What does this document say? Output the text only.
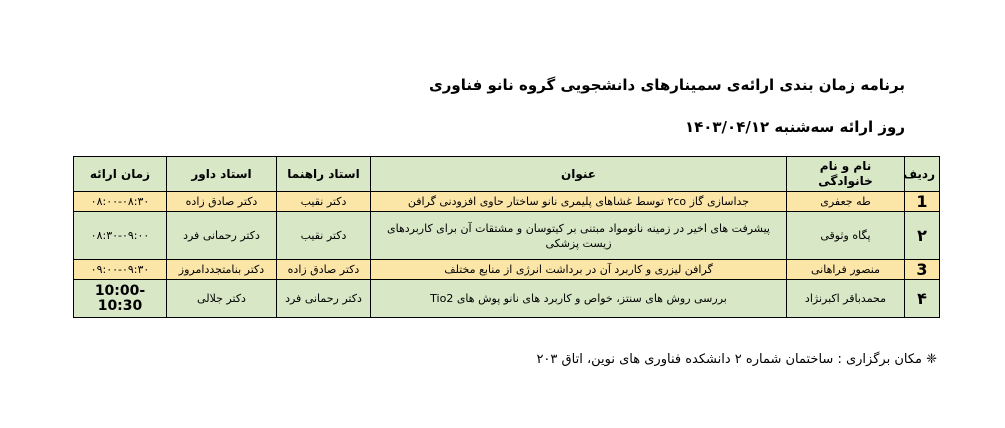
برنامه زمان بندی ارائه‌ی سمینارهای دانشجویی گروه نانو فناوری
روز ارائه سه‌شنبه ۱۴۰۳/۰۴/۱۲
ردیف	نام و نام خانوادگی	عنوان	استاد راهنما	استاد داور	زمان ارائه
1	طه جعفری	جداسازی گاز ۲co توسط غشاهای پلیمری نانو ساختار حاوی افزودنی گرافن	دکتر نقیب	دکتر صادق زاده	۰۸:۰۰-۰۸:۳۰
۲	پگاه وثوقی	پیشرفت های اخیر در زمینه نانومواد مبتنی بر کیتوسان و مشتقات آن برای کاربردهای زیست پزشکی	دکتر نقیب	دکتر رحمانی فرد	۰۸:۳۰-۰۹:۰۰
3	منصور فراهانی	گرافن لیزری و کاربرد آن در برداشت انرژی از منابع مختلف	دکتر صادق زاده	دکتر بنامتجددامروز	۰۹:۰۰-۰۹:۳۰
۴	محمدباقر اکبرنژاد	بررسی روش های سنتز، خواص و کاربرد های نانو پوش های Tio2	دکتر رحمانی فرد	دکتر جلالی	10:00-10:30
❈ مکان برگزاری : ساختمان شماره ۲ دانشکده فناوری های نوین، اتاق ۲۰۳
